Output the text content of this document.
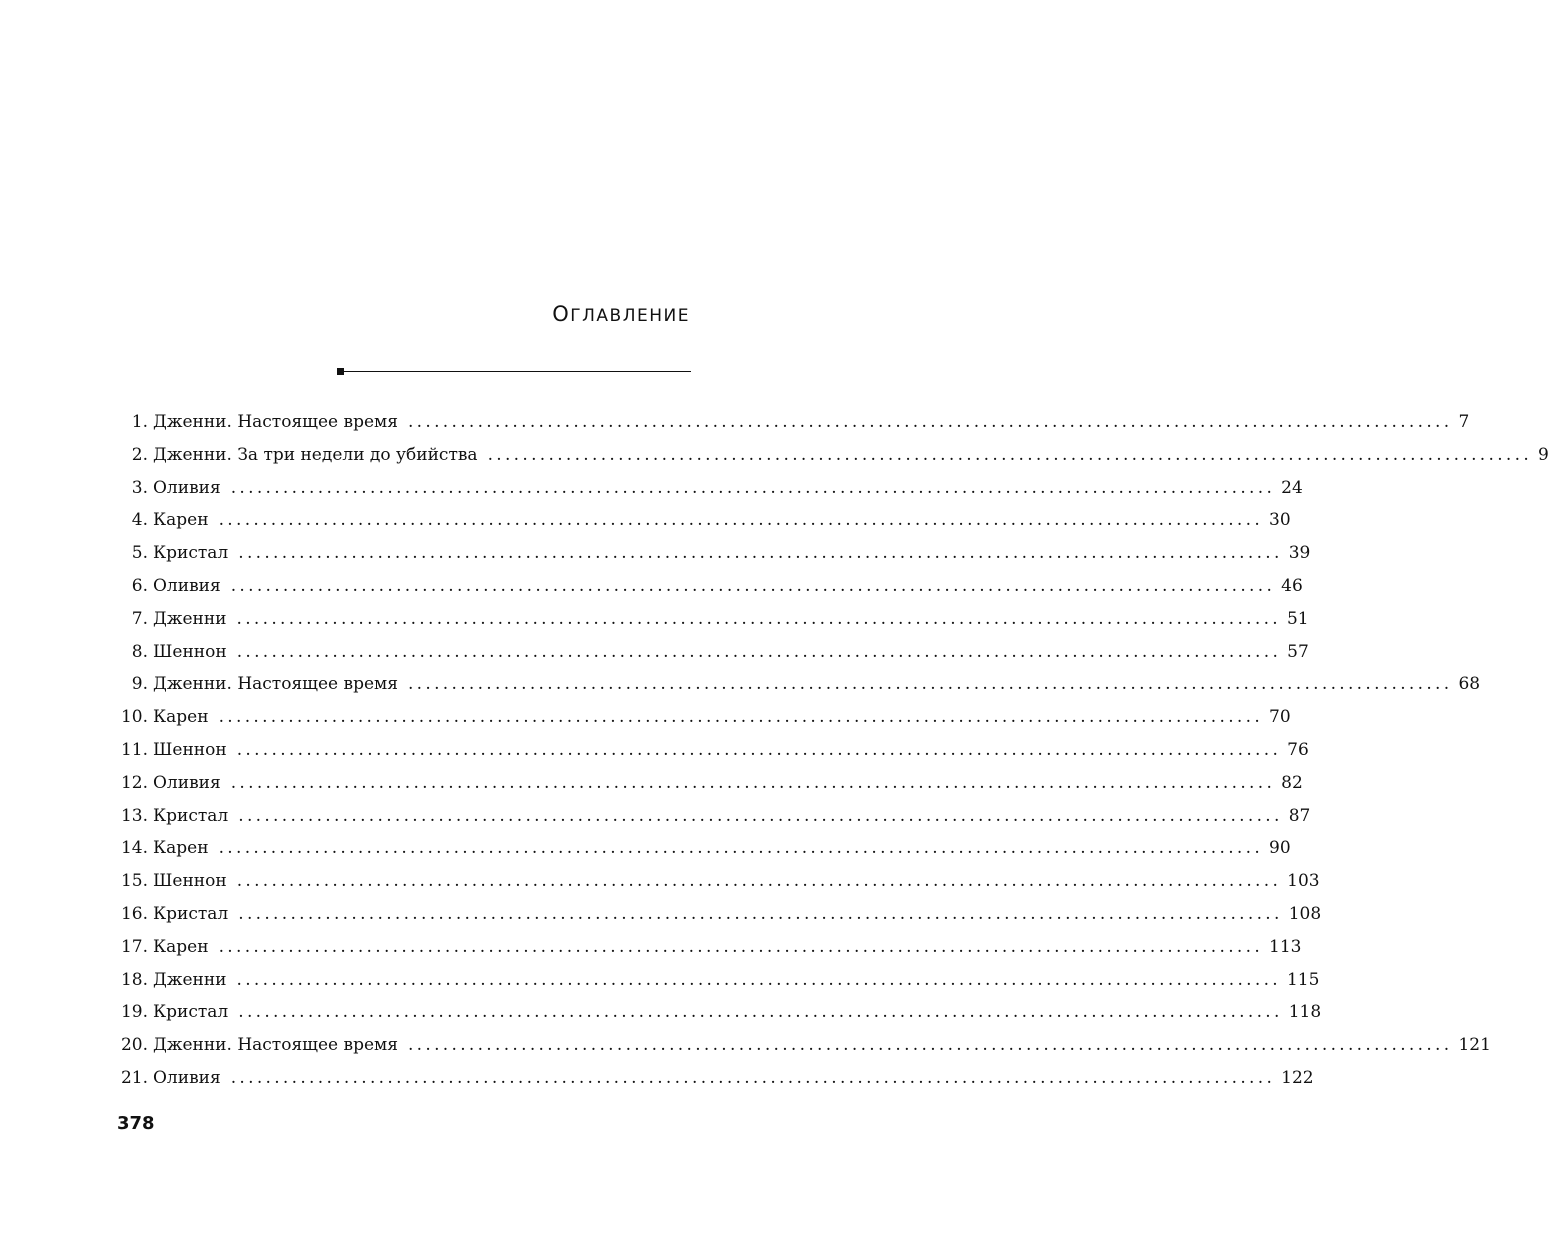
ОГЛАВЛЕНИЕ
1. Дженни. Настоящее время ........................................................................................................................ 7
2. Дженни. За три недели до убийства ........................................................................................................................ 9
3. Оливия ........................................................................................................................ 24
4. Карен ........................................................................................................................ 30
5. Кристал ........................................................................................................................ 39
6. Оливия ........................................................................................................................ 46
7. Дженни ........................................................................................................................ 51
8. Шеннон ........................................................................................................................ 57
9. Дженни. Настоящее время ........................................................................................................................ 68
10. Карен ........................................................................................................................ 70
11. Шеннон ........................................................................................................................ 76
12. Оливия ........................................................................................................................ 82
13. Кристал ........................................................................................................................ 87
14. Карен ........................................................................................................................ 90
15. Шеннон ........................................................................................................................ 103
16. Кристал ........................................................................................................................ 108
17. Карен ........................................................................................................................ 113
18. Дженни ........................................................................................................................ 115
19. Кристал ........................................................................................................................ 118
20. Дженни. Настоящее время ........................................................................................................................ 121
21. Оливия ........................................................................................................................ 122
378
